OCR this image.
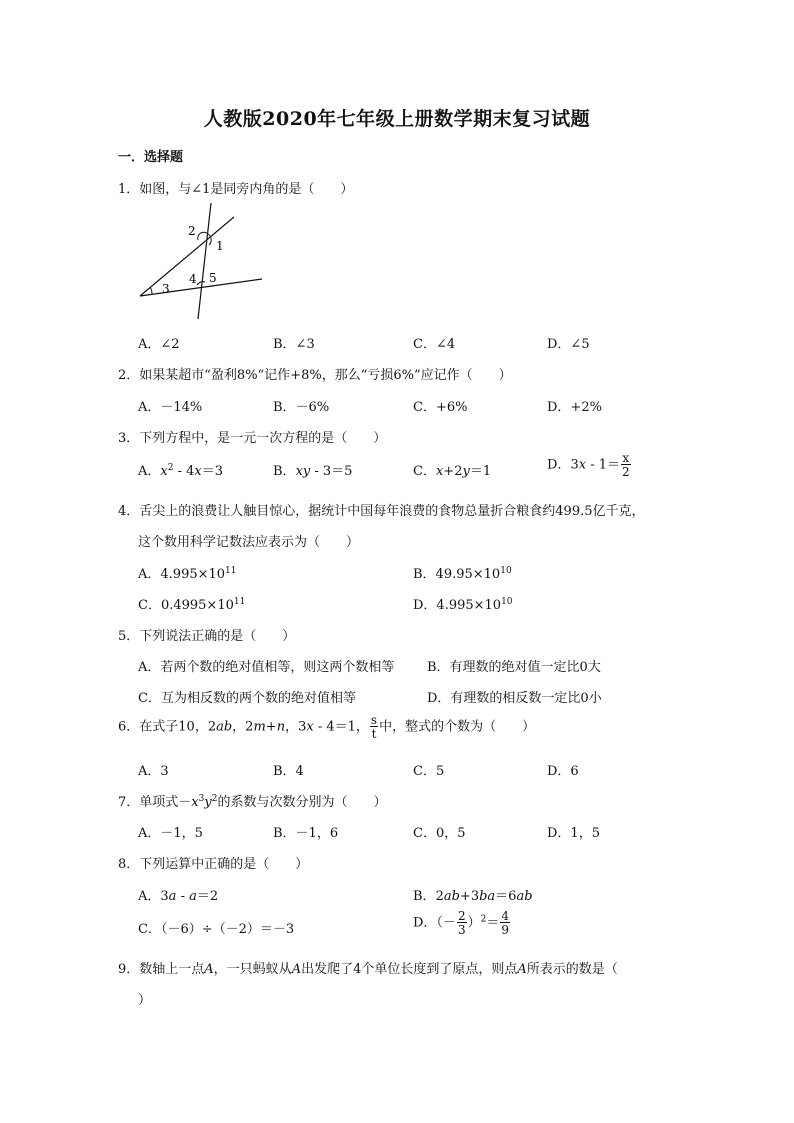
人教版2020年七年级上册数学期末复习试题
一．选择题
1．如图，与∠1是同旁内角的是（　　）
2
1
4 5
3
A．∠2	B．∠3	C．∠4	D．∠5
2．如果某超市“盈利8%“记作+8%，那么“亏损6%”应记作（　　）
A．－14%	B．－6%	C．+6%	D．+2%
3．下列方程中，是一元一次方程的是（　　）
A．$x^2 - 4x=3$	B．xy - 3＝5	C．x+2y＝1	D．$3x - 1= \frac{x}{2}$
4．舌尖上的浪费让人触目惊心，据统计中国每年浪费的食物总量折合粮食约499.5亿千克，
这个数用科学记数法应表示为（　　）
A．$4.995\times 10^{11}$	B．$49.95\times 10^{10}$
C．$0.4995\times 10^{11}$	D．$4.995\times 10^{10}$
5．下列说法正确的是（　　）
A．若两个数的绝对值相等，则这两个数相等	B．有理数的绝对值一定比0大
C．互为相反数的两个数的绝对值相等	D．有理数的相反数一定比0小
6．在式子10，2ab，2m+n，3x - 4＝1， $\frac{s}{t}$ 中，整式的个数为（　　）
A．3	B．4	C．5	D．6
7．单项式$-x^3y^2$的系数与次数分别为（　　）
A．－1，5	B．－1，6	C．0，5	D．1，5
8．下列运算中正确的是（　　）
A．3a - a＝2	B．2ab+3ba＝6ab
C．（－6）÷（－2）＝－3	D．（－ $\frac{2}{3} )^2= \frac{4}{9}$
9．数轴上一点A，一只蚂蚁从A出发爬了4个单位长度到了原点，则点A所表示的数是（
）
